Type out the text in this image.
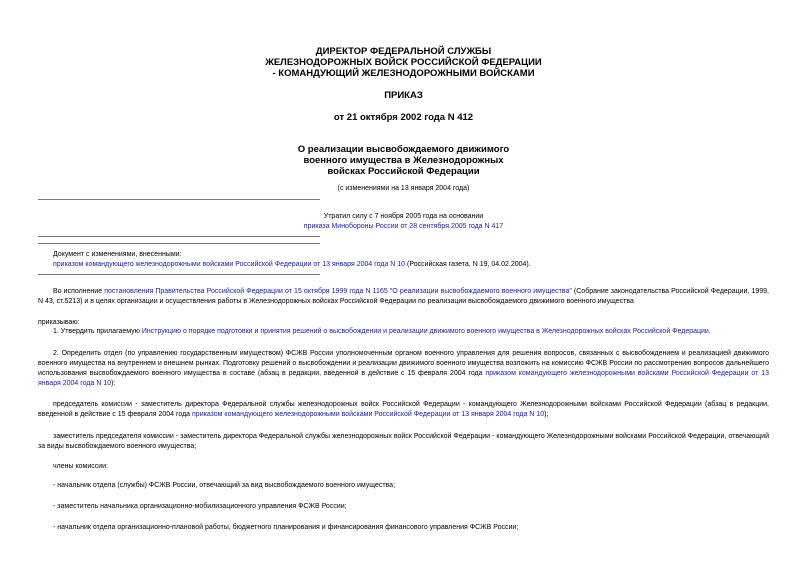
ДИРЕКТОР ФЕДЕРАЛЬНОЙ СЛУЖБЫ
ЖЕЛЕЗНОДОРОЖНЫХ ВОЙСК РОССИЙСКОЙ ФЕДЕРАЦИИ
- КОМАНДУЮЩИЙ ЖЕЛЕЗНОДОРОЖНЫМИ ВОЙСКАМИ
ПРИКАЗ
от 21 октября 2002 года N 412
О реализации высвобождаемого движимого
военного имущества в Железнодорожных
войсках Российской Федерации
(с изменениями на 13 января 2004 года)
Утратил силу с 7 ноября 2005 года на основании
приказа Минобороны России от 28 сентября 2005 года N 417
Документ с изменениями, внесенными:
приказом командующего железнодорожными войсками Российской Федерации от 13 января 2004 года N 10 (Российская газета, N 19, 04.02.2004).
Во исполнение постановления Правительства Российской Федерации от 15 октября 1999 года N 1165 "О реализации высвобождаемого военного имущества" (Собрание законодательства Российской Федерации, 1999, N 43, ст.5213) и в целях организации и осуществления работы в Железнодорожных войсках Российской Федерации по реализации высвобождаемого движимого военного имущества
приказываю:
1. Утвердить прилагаемую Инструкцию о порядке подготовки и принятия решений о высвобождении и реализации движимого военного имущества в Железнодорожных войсках Российской Федерации.
2. Определить отдел (по управлению государственным имуществом) ФСЖВ России уполномоченным органом военного управления для решения вопросов, связанных с высвобождением и реализацией движимого военного имущества на внутреннем и внешнем рынках. Подготовку решений о высвобождении и реализации движимого военного имущества возложить на комиссию ФСЖВ России по рассмотрению вопросов дальнейшего использования высвобождаемого военного имущества в составе (абзац в редакции, введенной в действие с 15 февраля 2004 года приказом командующего железнодорожными войсками Российской Федерации от 13 января 2004 года N 10):
председатель комиссии - заместитель директора Федеральной службы железнодорожных войск Российской Федерации - командующего Железнодорожными войсками Российской Федерации (абзац в редакции, введенной в действие с 15 февраля 2004 года приказом командующего железнодорожными войсками Российской Федерации от 13 января 2004 года N 10);
заместитель председателя комиссии - заместитель директора Федеральной службы железнодорожных войск Российской Федерации - командующего Железнодорожными войсками Российской Федерации, отвечающий за виды высвобождаемого военного имущества;
члены комиссии:
- начальник отдела (службы) ФСЖВ России, отвечающий за вид высвобождаемого военного имущества;
- заместитель начальника организационно-мобилизационного управления ФСЖВ России;
- начальник отдела организационно-плановой работы, бюджетного планирования и финансирования финансового управления ФСЖВ России;
